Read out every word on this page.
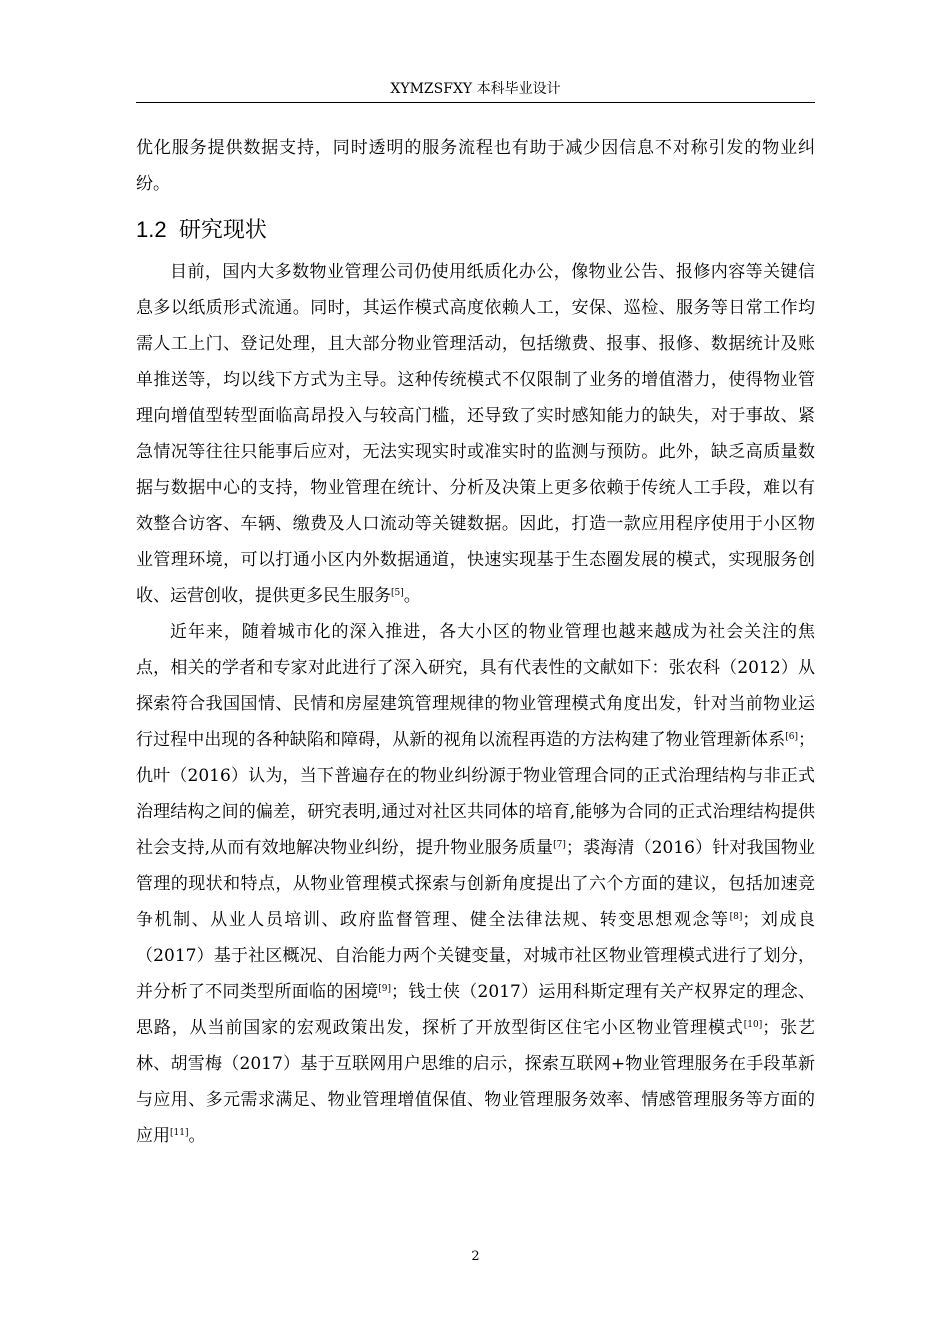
XYMZSFXY 本科毕业设计

优化服务提供数据支持，同时透明的服务流程也有助于减少因信息不对称引发的物业纠纷。

1.2 研究现状

目前，国内大多数物业管理公司仍使用纸质化办公，像物业公告、报修内容等关键信息多以纸质形式流通。同时，其运作模式高度依赖人工，安保、巡检、服务等日常工作均需人工上门、登记处理，且大部分物业管理活动，包括缴费、报事、报修、数据统计及账单推送等，均以线下方式为主导。这种传统模式不仅限制了业务的增值潜力，使得物业管理向增值型转型面临高昂投入与较高门槛，还导致了实时感知能力的缺失，对于事故、紧急情况等往往只能事后应对，无法实现实时或准实时的监测与预防。此外，缺乏高质量数据与数据中心的支持，物业管理在统计、分析及决策上更多依赖于传统人工手段，难以有效整合访客、车辆、缴费及人口流动等关键数据。因此，打造一款应用程序使用于小区物业管理环境，可以打通小区内外数据通道，快速实现基于生态圈发展的模式，实现服务创收、运营创收，提供更多民生服务[5]。

近年来，随着城市化的深入推进，各大小区的物业管理也越来越成为社会关注的焦点，相关的学者和专家对此进行了深入研究，具有代表性的文献如下：张农科（2012）从探索符合我国国情、民情和房屋建筑管理规律的物业管理模式角度出发，针对当前物业运行过程中出现的各种缺陷和障碍，从新的视角以流程再造的方法构建了物业管理新体系[6]；仇叶（2016）认为，当下普遍存在的物业纠纷源于物业管理合同的正式治理结构与非正式治理结构之间的偏差，研究表明,通过对社区共同体的培育,能够为合同的正式治理结构提供社会支持,从而有效地解决物业纠纷，提升物业服务质量[7]；裘海清（2016）针对我国物业管理的现状和特点，从物业管理模式探索与创新角度提出了六个方面的建议，包括加速竞争机制、从业人员培训、政府监督管理、健全法律法规、转变思想观念等[8]；刘成良（2017）基于社区概况、自治能力两个关键变量，对城市社区物业管理模式进行了划分，并分析了不同类型所面临的困境[9]；钱士侠（2017）运用科斯定理有关产权界定的理念、思路，从当前国家的宏观政策出发，探析了开放型街区住宅小区物业管理模式[10]；张艺林、胡雪梅（2017）基于互联网用户思维的启示，探索互联网+物业管理服务在手段革新与应用、多元需求满足、物业管理增值保值、物业管理服务效率、情感管理服务等方面的应用[11]。

2
